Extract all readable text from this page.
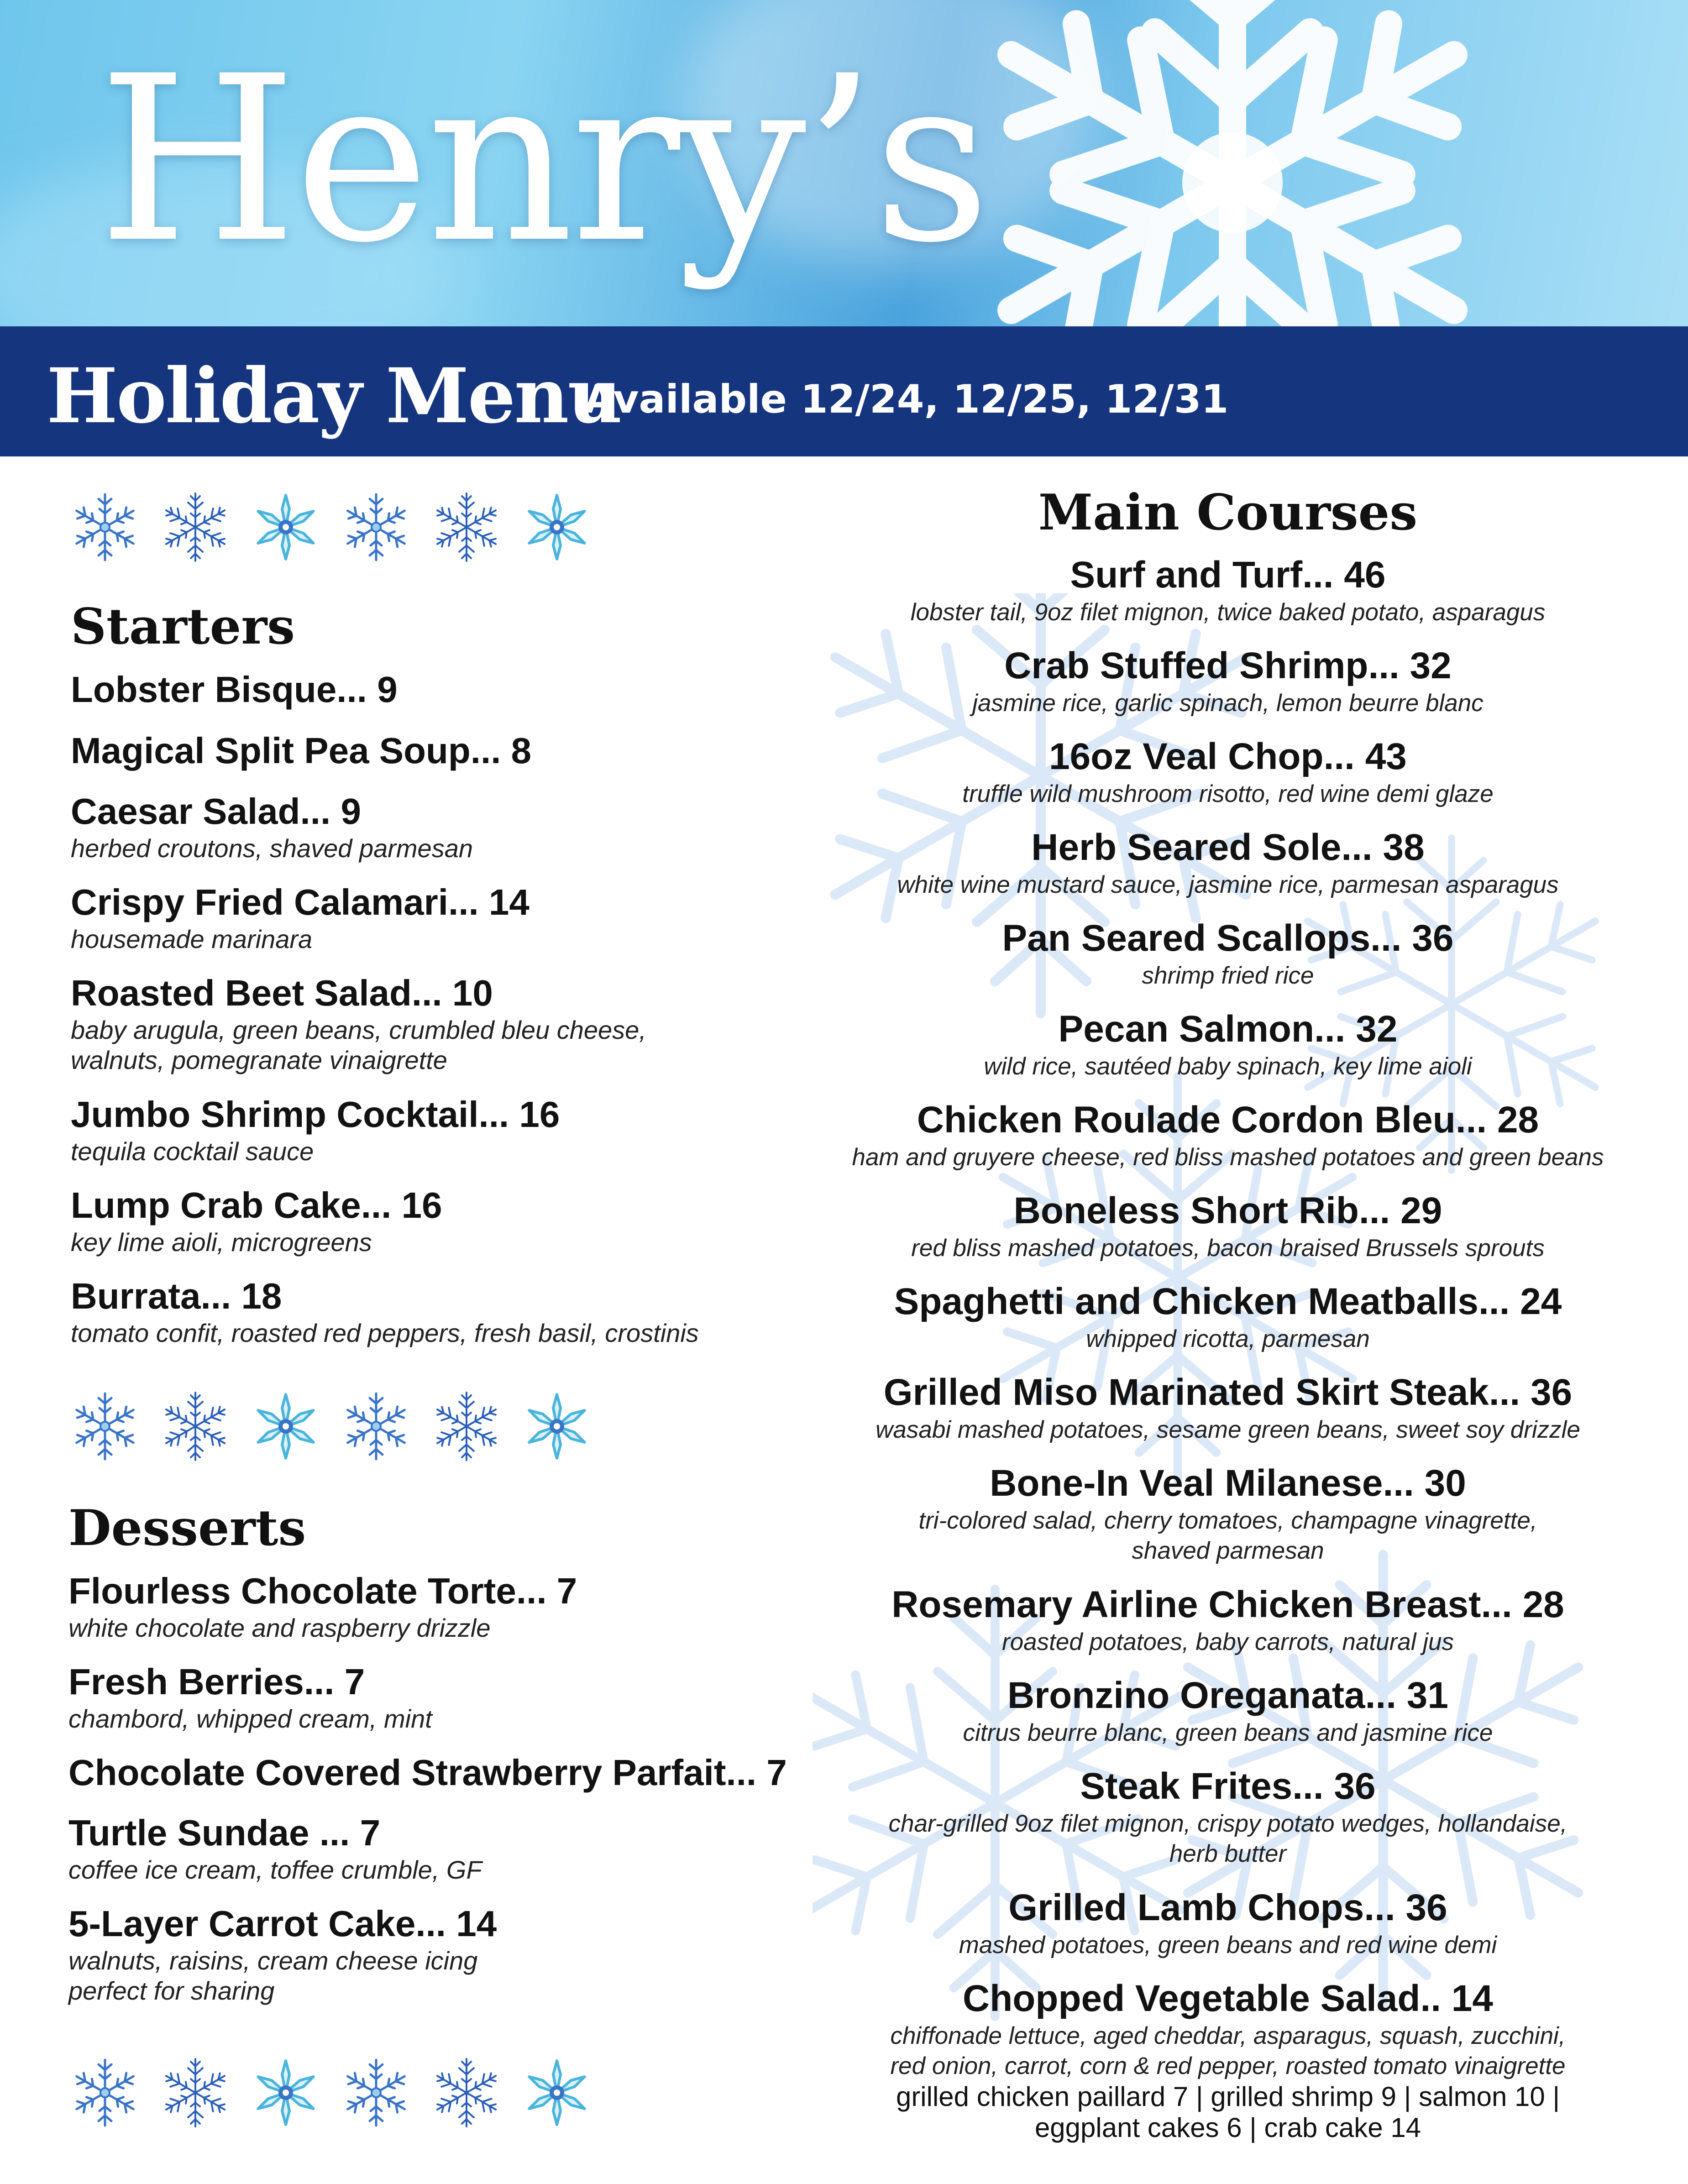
Henry’s
Holiday Menu
Available 12/24, 12/25, 12/31
Starters
Lobster Bisque... 9
Magical Split Pea Soup... 8
Caesar Salad... 9
herbed croutons, shaved parmesan
Crispy Fried Calamari... 14
housemade marinara
Roasted Beet Salad... 10
baby arugula, green beans, crumbled bleu cheese,
walnuts, pomegranate vinaigrette
Jumbo Shrimp Cocktail... 16
tequila cocktail sauce
Lump Crab Cake... 16
key lime aioli, microgreens
Burrata... 18
tomato confit, roasted red peppers, fresh basil, crostinis
Desserts
Flourless Chocolate Torte... 7
white chocolate and raspberry drizzle
Fresh Berries... 7
chambord, whipped cream, mint
Chocolate Covered Strawberry Parfait... 7
Turtle Sundae ... 7
coffee ice cream, toffee crumble, GF
5-Layer Carrot Cake... 14
walnuts, raisins, cream cheese icing
perfect for sharing
Main Courses
Surf and Turf... 46
lobster tail, 9oz filet mignon, twice baked potato, asparagus
Crab Stuffed Shrimp... 32
jasmine rice, garlic spinach, lemon beurre blanc
16oz Veal Chop... 43
truffle wild mushroom risotto, red wine demi glaze
Herb Seared Sole... 38
white wine mustard sauce, jasmine rice, parmesan asparagus
Pan Seared Scallops... 36
shrimp fried rice
Pecan Salmon... 32
wild rice, sautéed baby spinach, key lime aioli
Chicken Roulade Cordon Bleu... 28
ham and gruyere cheese, red bliss mashed potatoes and green beans
Boneless Short Rib... 29
red bliss mashed potatoes, bacon braised Brussels sprouts
Spaghetti and Chicken Meatballs... 24
whipped ricotta, parmesan
Grilled Miso Marinated Skirt Steak... 36
wasabi mashed potatoes, sesame green beans, sweet soy drizzle
Bone-In Veal Milanese... 30
tri-colored salad, cherry tomatoes, champagne vinagrette,
shaved parmesan
Rosemary Airline Chicken Breast... 28
roasted potatoes, baby carrots, natural jus
Bronzino Oreganata... 31
citrus beurre blanc, green beans and jasmine rice
Steak Frites... 36
char-grilled 9oz filet mignon, crispy potato wedges, hollandaise,
herb butter
Grilled Lamb Chops... 36
mashed potatoes, green beans and red wine demi
Chopped Vegetable Salad.. 14
chiffonade lettuce, aged cheddar, asparagus, squash, zucchini,
red onion, carrot, corn & red pepper, roasted tomato vinaigrette
grilled chicken paillard 7 | grilled shrimp 9 | salmon 10 |
eggplant cakes 6 | crab cake 14
